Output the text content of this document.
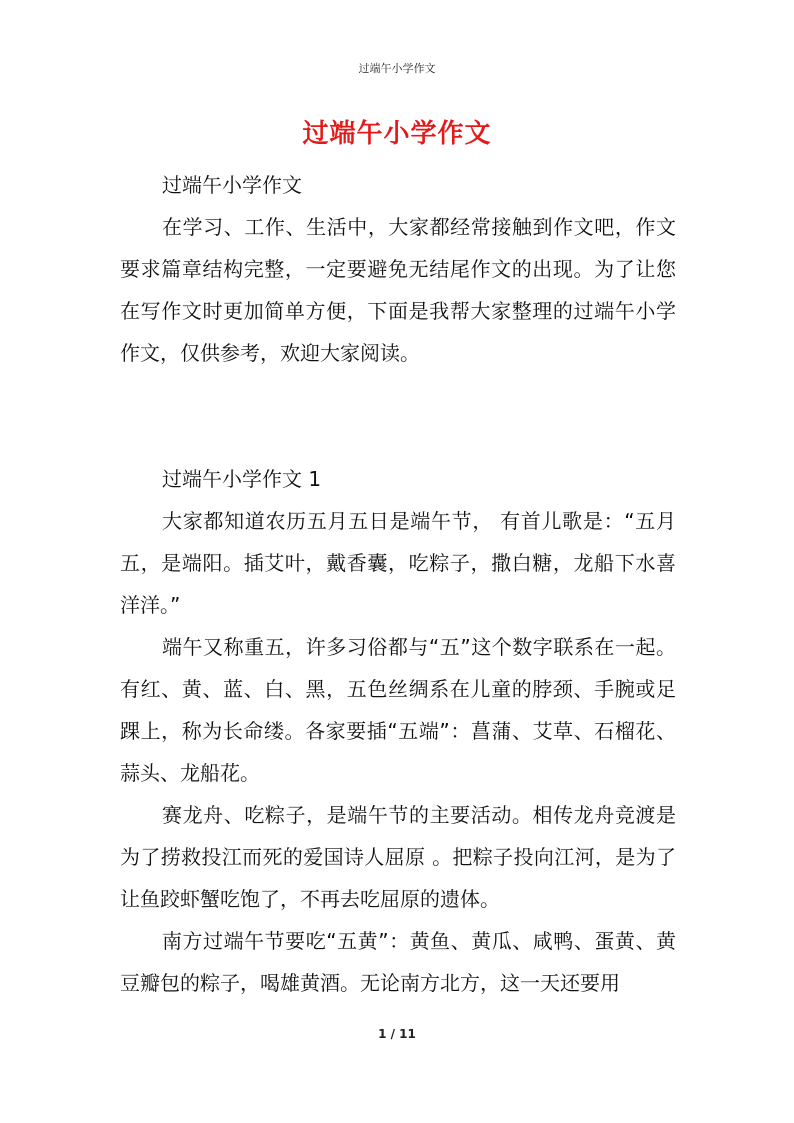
过端午小学作文
过端午小学作文

过端午小学作文

在学习、工作、生活中，大家都经常接触到作文吧，作文要求篇章结构完整，一定要避免无结尾作文的出现。为了让您在写作文时更加简单方便，下面是我帮大家整理的过端午小学作文，仅供参考，欢迎大家阅读。

过端午小学作文 1

大家都知道农历五月五日是端午节， 有首儿歌是：“五月五，是端阳。插艾叶，戴香囊，吃粽子，撒白糖，龙船下水喜洋洋。”

端午又称重五，许多习俗都与“五”这个数字联系在一起。有红、黄、蓝、白、黑，五色丝绸系在儿童的脖颈、手腕或足踝上，称为长命缕。各家要插“五端”：菖蒲、艾草、石榴花、蒜头、龙船花。

赛龙舟、吃粽子，是端午节的主要活动。相传龙舟竞渡是为了捞救投江而死的爱国诗人屈原 。把粽子投向江河，是为了让鱼跤虾蟹吃饱了，不再去吃屈原的遗体。

南方过端午节要吃“五黄”：黄鱼、黄瓜、咸鸭、蛋黄、黄豆瓣包的粽子，喝雄黄酒。无论南方北方，这一天还要用

1 / 11
